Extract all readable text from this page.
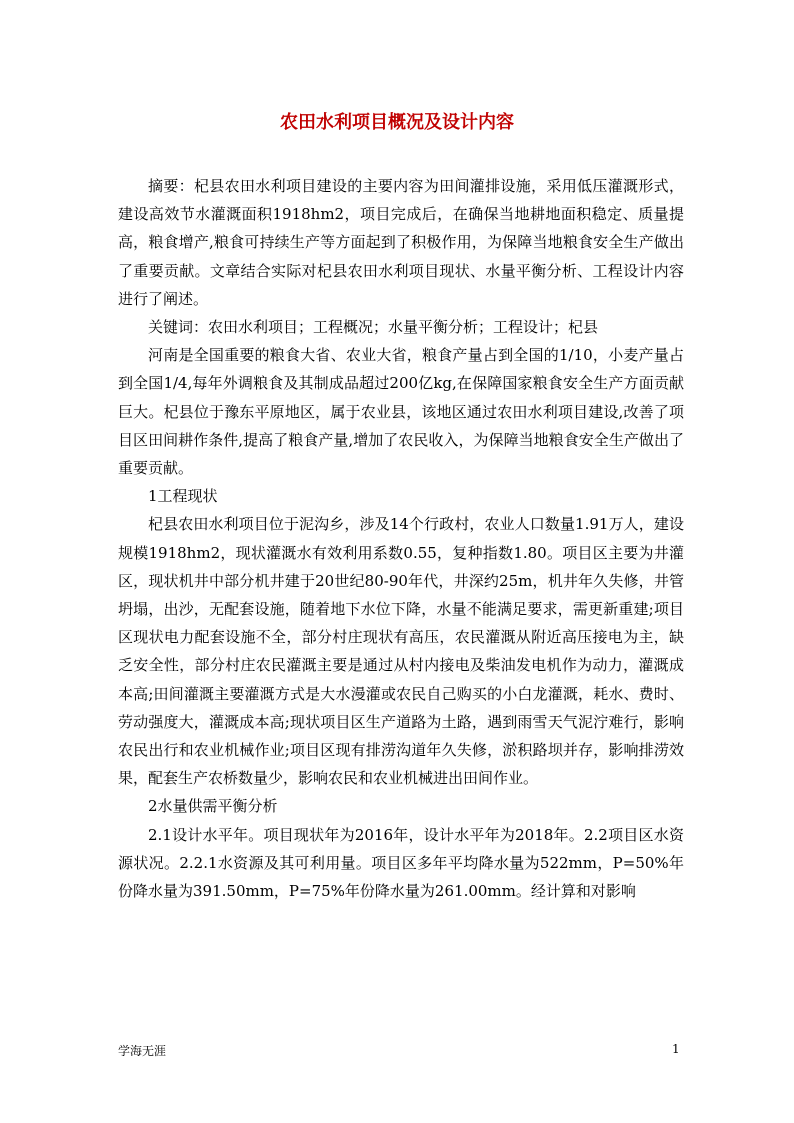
农田水利项目概况及设计内容

摘要：杞县农田水利项目建设的主要内容为田间灌排设施，采用低压灌溉形式，建设高效节水灌溉面积1918hm2，项目完成后，在确保当地耕地面积稳定、质量提高，粮食增产,粮食可持续生产等方面起到了积极作用，为保障当地粮食安全生产做出了重要贡献。文章结合实际对杞县农田水利项目现状、水量平衡分析、工程设计内容进行了阐述。

关键词：农田水利项目；工程概况；水量平衡分析；工程设计；杞县

河南是全国重要的粮食大省、农业大省，粮食产量占到全国的1/10，小麦产量占到全国1/4,每年外调粮食及其制成品超过200亿kg,在保障国家粮食安全生产方面贡献巨大。杞县位于豫东平原地区，属于农业县，该地区通过农田水利项目建设,改善了项目区田间耕作条件,提高了粮食产量,增加了农民收入，为保障当地粮食安全生产做出了重要贡献。

1工程现状

杞县农田水利项目位于泥沟乡，涉及14个行政村，农业人口数量1.91万人，建设规模1918hm2，现状灌溉水有效利用系数0.55，复种指数1.80。项目区主要为井灌区，现状机井中部分机井建于20世纪80-90年代，井深约25m，机井年久失修，井管坍塌，出沙，无配套设施，随着地下水位下降，水量不能满足要求，需更新重建;项目区现状电力配套设施不全，部分村庄现状有高压，农民灌溉从附近高压接电为主，缺乏安全性，部分村庄农民灌溉主要是通过从村内接电及柴油发电机作为动力，灌溉成本高;田间灌溉主要灌溉方式是大水漫灌或农民自己购买的小白龙灌溉，耗水、费时、劳动强度大，灌溉成本高;现状项目区生产道路为土路，遇到雨雪天气泥泞难行，影响农民出行和农业机械作业;项目区现有排涝沟道年久失修，淤积路坝并存，影响排涝效果，配套生产农桥数量少，影响农民和农业机械进出田间作业。

2水量供需平衡分析

2.1设计水平年。项目现状年为2016年，设计水平年为2018年。2.2项目区水资源状况。2.2.1水资源及其可利用量。项目区多年平均降水量为522mm，P=50%年份降水量为391.50mm，P=75%年份降水量为261.00mm。经计算和对影响

学海无涯	1
